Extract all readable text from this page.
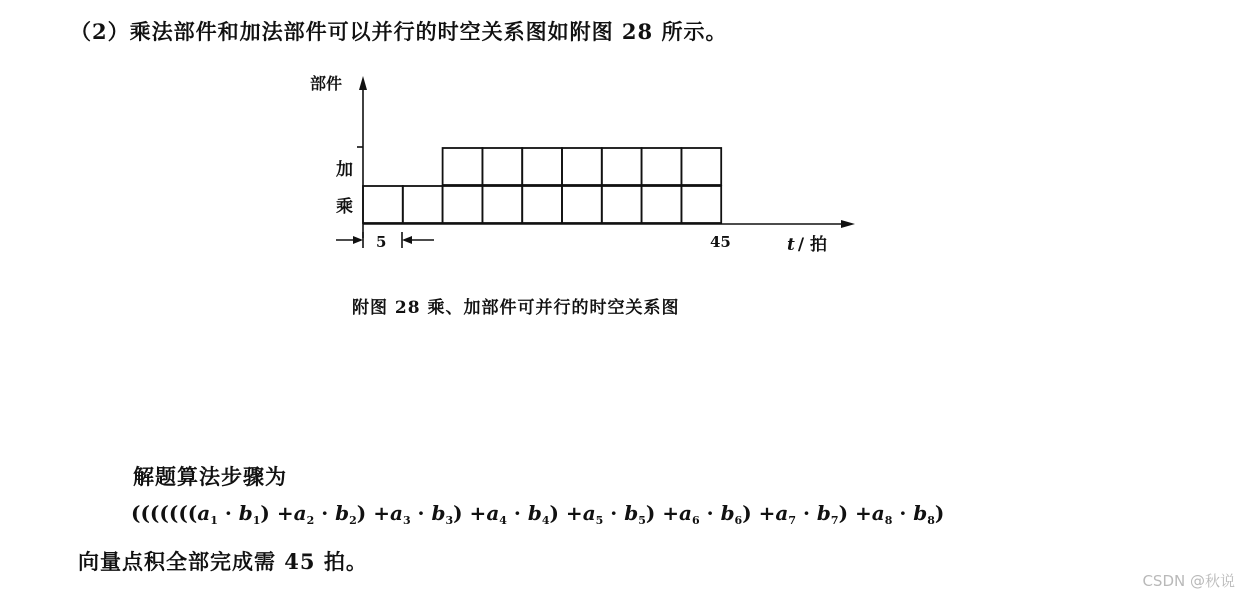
（2）乘法部件和加法部件可以并行的时空关系图如附图 28 所示。
部件
加
乘
5	45	t / 拍
附图 28 乘、加部件可并行的时空关系图
解题算法步骤为
$(((((((a_1 \cdot b_1) +a_2 \cdot b_2) +a_3 \cdot b_3) +a_4 \cdot b_4) +a_5 \cdot b_5) +a_6 \cdot b_6) +a_7 \cdot b_7) +a_8 \cdot b_8$)
向量点积全部完成需 45 拍。
CSDN @秋说
